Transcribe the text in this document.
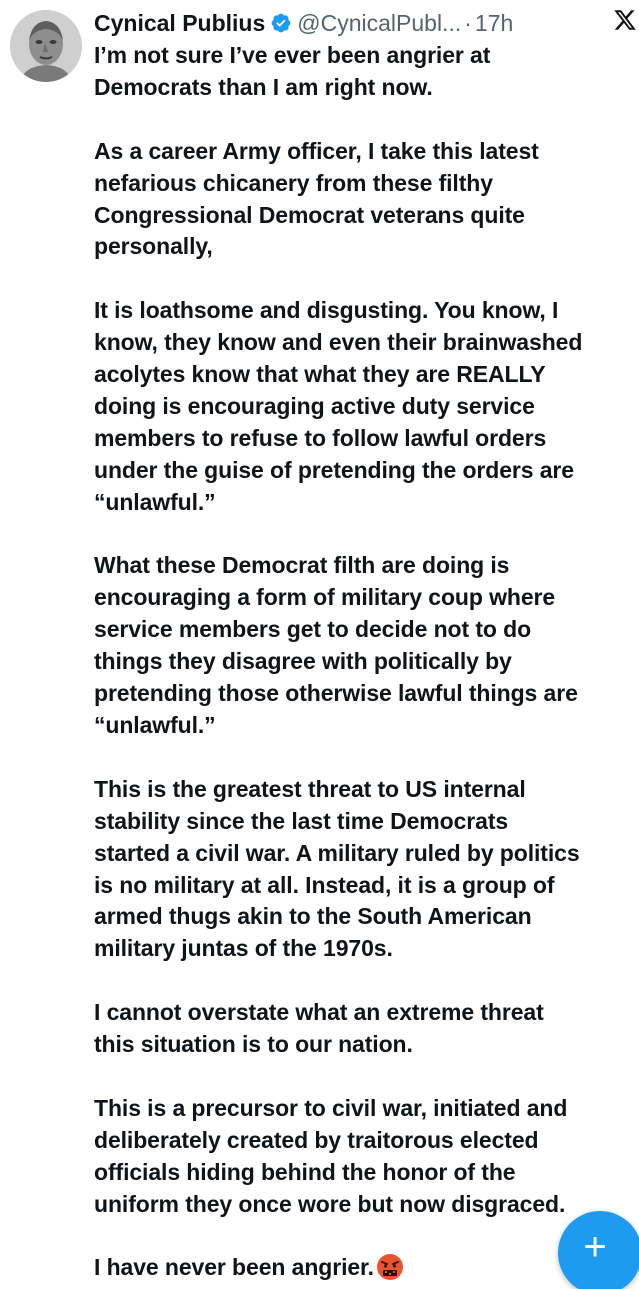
Cynical Publius @CynicalPubl... · 17h
I’m not sure I’ve ever been angrier at
Democrats than I am right now.
As a career Army officer, I take this latest
nefarious chicanery from these filthy
Congressional Democrat veterans quite
personally,
It is loathsome and disgusting. You know, I
know, they know and even their brainwashed
acolytes know that what they are REALLY
doing is encouraging active duty service
members to refuse to follow lawful orders
under the guise of pretending the orders are
“unlawful.”
What these Democrat filth are doing is
encouraging a form of military coup where
service members get to decide not to do
things they disagree with politically by
pretending those otherwise lawful things are
“unlawful.”
This is the greatest threat to US internal
stability since the last time Democrats
started a civil war. A military ruled by politics
is no military at all. Instead, it is a group of
armed thugs akin to the South American
military juntas of the 1970s.
I cannot overstate what an extreme threat
this situation is to our nation.
This is a precursor to civil war, initiated and
deliberately created by traitorous elected
officials hiding behind the honor of the
uniform they once wore but now disgraced.
I have never been angrier.	+
